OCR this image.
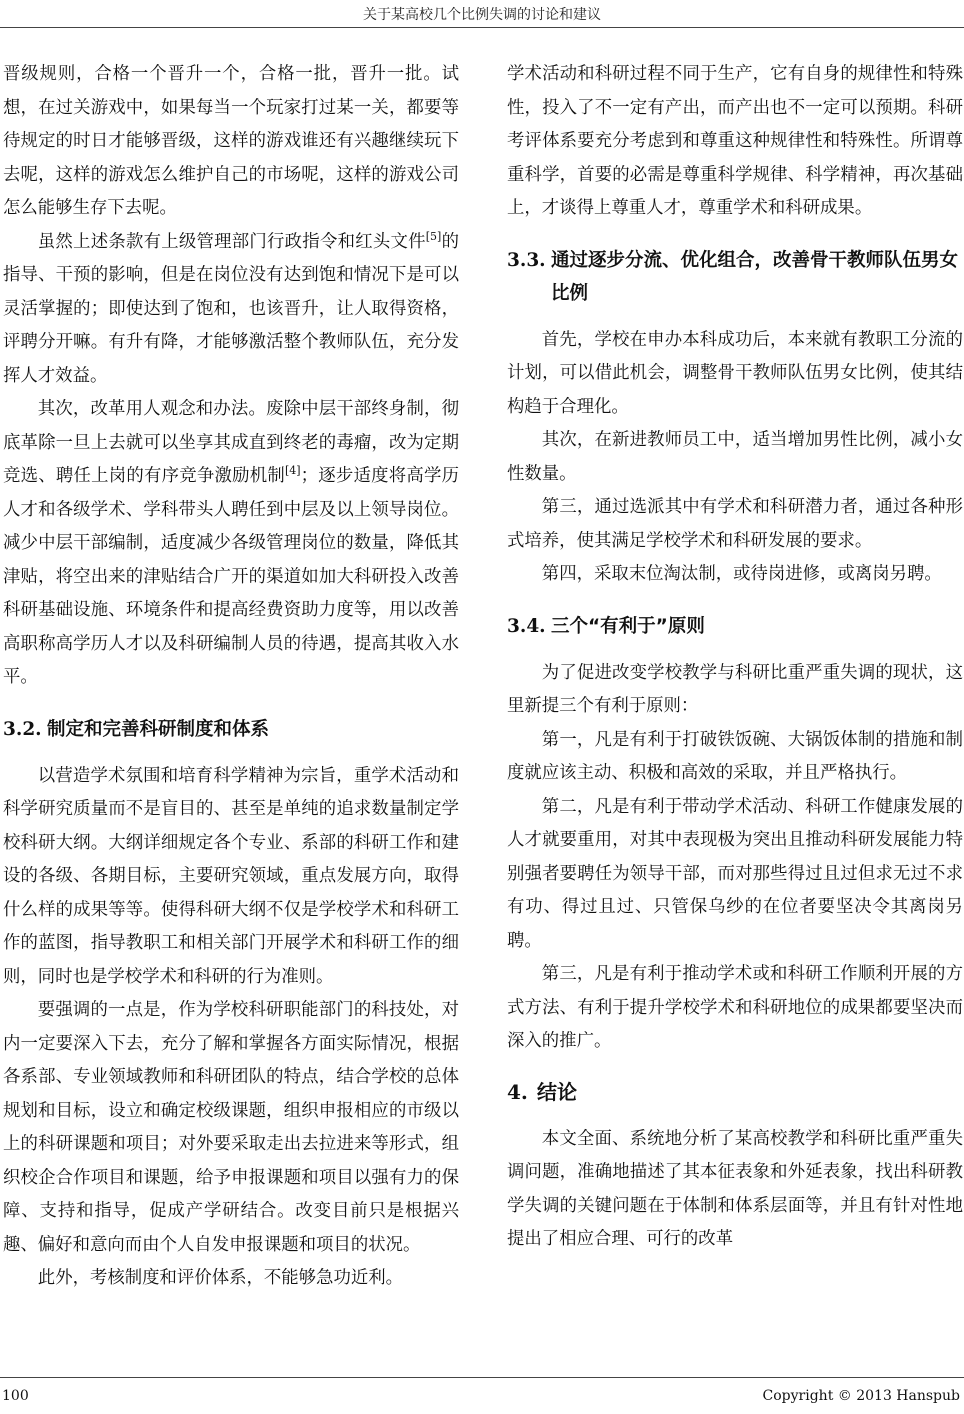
关于某高校几个比例失调的讨论和建议

晋级规则，合格一个晋升一个，合格一批，晋升一批。试想，在过关游戏中，如果每当一个玩家打过某一关，都要等待规定的时日才能够晋级，这样的游戏谁还有兴趣继续玩下去呢，这样的游戏怎么维护自己的市场呢，这样的游戏公司怎么能够生存下去呢。

虽然上述条款有上级管理部门行政指令和红头文件[5]的指导、干预的影响，但是在岗位没有达到饱和情况下是可以灵活掌握的；即使达到了饱和，也该晋升，让人取得资格，评聘分开嘛。有升有降，才能够激活整个教师队伍，充分发挥人才效益。

其次，改革用人观念和办法。废除中层干部终身制，彻底革除一旦上去就可以坐享其成直到终老的毒瘤，改为定期竞选、聘任上岗的有序竞争激励机制[4]；逐步适度将高学历人才和各级学术、学科带头人聘任到中层及以上领导岗位。减少中层干部编制，适度减少各级管理岗位的数量，降低其津贴，将空出来的津贴结合广开的渠道如加大科研投入改善科研基础设施、环境条件和提高经费资助力度等，用以改善高职称高学历人才以及科研编制人员的待遇，提高其收入水平。

3.2. 制定和完善科研制度和体系

以营造学术氛围和培育科学精神为宗旨，重学术活动和科学研究质量而不是盲目的、甚至是单纯的追求数量制定学校科研大纲。大纲详细规定各个专业、系部的科研工作和建设的各级、各期目标，主要研究领域，重点发展方向，取得什么样的成果等等。使得科研大纲不仅是学校学术和科研工作的蓝图，指导教职工和相关部门开展学术和科研工作的细则，同时也是学校学术和科研的行为准则。

要强调的一点是，作为学校科研职能部门的科技处，对内一定要深入下去，充分了解和掌握各方面实际情况，根据各系部、专业领域教师和科研团队的特点，结合学校的总体规划和目标，设立和确定校级课题，组织申报相应的市级以上的科研课题和项目；对外要采取走出去拉进来等形式，组织校企合作项目和课题，给予申报课题和项目以强有力的保障、支持和指导，促成产学研结合。改变目前只是根据兴趣、偏好和意向而由个人自发申报课题和项目的状况。

此外，考核制度和评价体系，不能够急功近利。

学术活动和科研过程不同于生产，它有自身的规律性和特殊性，投入了不一定有产出，而产出也不一定可以预期。科研考评体系要充分考虑到和尊重这种规律性和特殊性。所谓尊重科学，首要的必需是尊重科学规律、科学精神，再次基础上，才谈得上尊重人才，尊重学术和科研成果。

3.3. 通过逐步分流、优化组合，改善骨干教师队伍男女比例

首先，学校在申办本科成功后，本来就有教职工分流的计划，可以借此机会，调整骨干教师队伍男女比例，使其结构趋于合理化。

其次，在新进教师员工中，适当增加男性比例，减小女性数量。

第三，通过选派其中有学术和科研潜力者，通过各种形式培养，使其满足学校学术和科研发展的要求。

第四，采取末位淘汰制，或待岗进修，或离岗另聘。

3.4. 三个“有利于”原则

为了促进改变学校教学与科研比重严重失调的现状，这里新提三个有利于原则：

第一，凡是有利于打破铁饭碗、大锅饭体制的措施和制度就应该主动、积极和高效的采取，并且严格执行。

第二，凡是有利于带动学术活动、科研工作健康发展的人才就要重用，对其中表现极为突出且推动科研发展能力特别强者要聘任为领导干部，而对那些得过且过但求无过不求有功、得过且过、只管保乌纱的在位者要坚决令其离岗另聘。

第三，凡是有利于推动学术或和科研工作顺利开展的方式方法、有利于提升学校学术和科研地位的成果都要坚决而深入的推广。

4. 结论

本文全面、系统地分析了某高校教学和科研比重严重失调问题，准确地描述了其本征表象和外延表象，找出科研教学失调的关键问题在于体制和体系层面等，并且有针对性地提出了相应合理、可行的改革

100	Copyright © 2013 Hanspub
